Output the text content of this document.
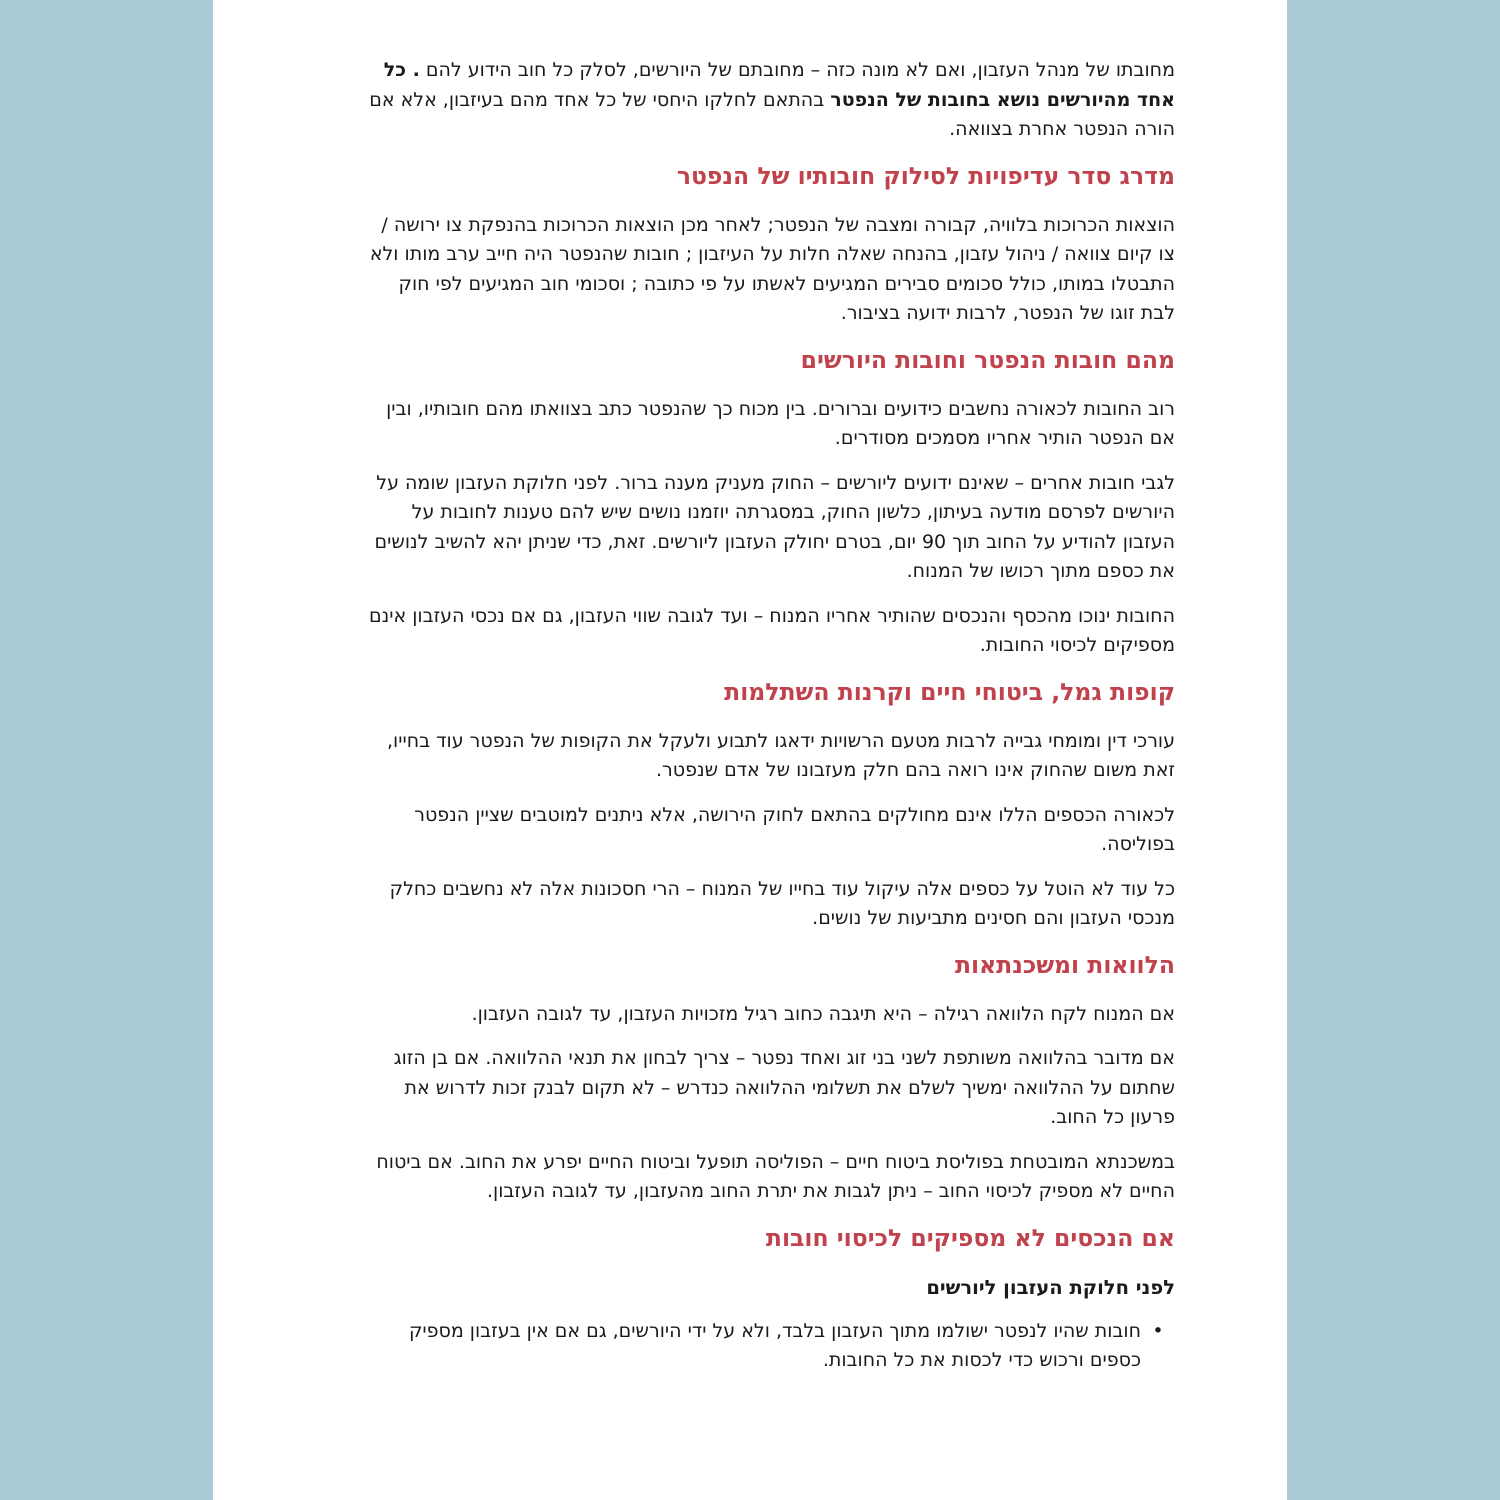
מחובתו של מנהל העזבון, ואם לא מונה כזה – מחובתם של היורשים, לסלק כל חוב הידוע להם . כל אחד מהיורשים נושא בחובות של הנפטר בהתאם לחלקו היחסי של כל אחד מהם בעיזבון, אלא אם הורה הנפטר אחרת בצוואה.

מדרג סדר עדיפויות לסילוק חובותיו של הנפטר

הוצאות הכרוכות בלוויה, קבורה ומצבה של הנפטר; לאחר מכן הוצאות הכרוכות בהנפקת צו ירושה / צו קיום צוואה / ניהול עזבון, בהנחה שאלה חלות על העיזבון ; חובות שהנפטר היה חייב ערב מותו ולא התבטלו במותו, כולל סכומים סבירים המגיעים לאשתו על פי כתובה ; וסכומי חוב המגיעים לפי חוק לבת זוגו של הנפטר, לרבות ידועה בציבור.

מהם חובות הנפטר וחובות היורשים

רוב החובות לכאורה נחשבים כידועים וברורים. בין מכוח כך שהנפטר כתב בצוואתו מהם חובותיו, ובין אם הנפטר הותיר אחריו מסמכים מסודרים.

לגבי חובות אחרים – שאינם ידועים ליורשים – החוק מעניק מענה ברור. לפני חלוקת העזבון שומה על היורשים לפרסם מודעה בעיתון, כלשון החוק, במסגרתה יוזמנו נושים שיש להם טענות לחובות על העזבון להודיע על החוב תוך 90 יום, בטרם יחולק העזבון ליורשים. זאת, כדי שניתן יהא להשיב לנושים את כספם מתוך רכושו של המנוח.

החובות ינוכו מהכסף והנכסים שהותיר אחריו המנוח – ועד לגובה שווי העזבון, גם אם נכסי העזבון אינם מספיקים לכיסוי החובות.

קופות גמל, ביטוחי חיים וקרנות השתלמות

עורכי דין ומומחי גבייה לרבות מטעם הרשויות ידאגו לתבוע ולעקל את הקופות של הנפטר עוד בחייו, זאת משום שהחוק אינו רואה בהם חלק מעזבונו של אדם שנפטר.

לכאורה הכספים הללו אינם מחולקים בהתאם לחוק הירושה, אלא ניתנים למוטבים שציין הנפטר בפוליסה.

כל עוד לא הוטל על כספים אלה עיקול עוד בחייו של המנוח – הרי חסכונות אלה לא נחשבים כחלק מנכסי העזבון והם חסינים מתביעות של נושים.

הלוואות ומשכנתאות

אם המנוח לקח הלוואה רגילה – היא תיגבה כחוב רגיל מזכויות העזבון, עד לגובה העזבון.

אם מדובר בהלוואה משותפת לשני בני זוג ואחד נפטר – צריך לבחון את תנאי ההלוואה. אם בן הזוג שחתום על ההלוואה ימשיך לשלם את תשלומי ההלוואה כנדרש – לא תקום לבנק זכות לדרוש את פרעון כל החוב.

במשכנתא המובטחת בפוליסת ביטוח חיים – הפוליסה תופעל וביטוח החיים יפרע את החוב. אם ביטוח החיים לא מספיק לכיסוי החוב – ניתן לגבות את יתרת החוב מהעזבון, עד לגובה העזבון.

אם הנכסים לא מספיקים לכיסוי חובות
לפני חלוקת העזבון ליורשים
•
חובות שהיו לנפטר ישולמו מתוך העזבון בלבד, ולא על ידי היורשים, גם אם אין בעזבון מספיק כספים ורכוש כדי לכסות את כל החובות.
